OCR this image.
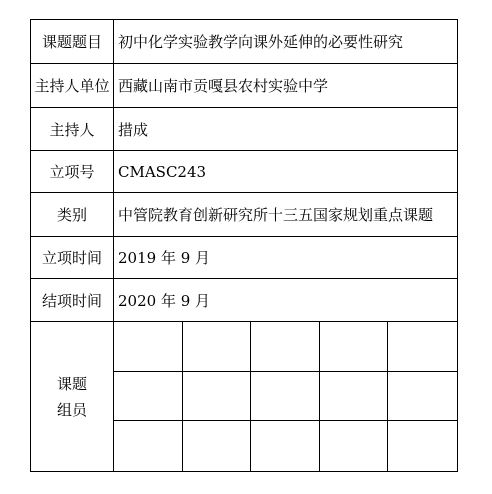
课题题目	初中化学实验教学向课外延伸的必要性研究
主持人单位 西藏山南市贡嘎县农村实验中学
主持人	措成
立项号	CMASC243
类别	中管院教育创新研究所十三五国家规划重点课题
立项时间	2019 年 9 月
结项时间	2020 年 9 月
课题
组员
